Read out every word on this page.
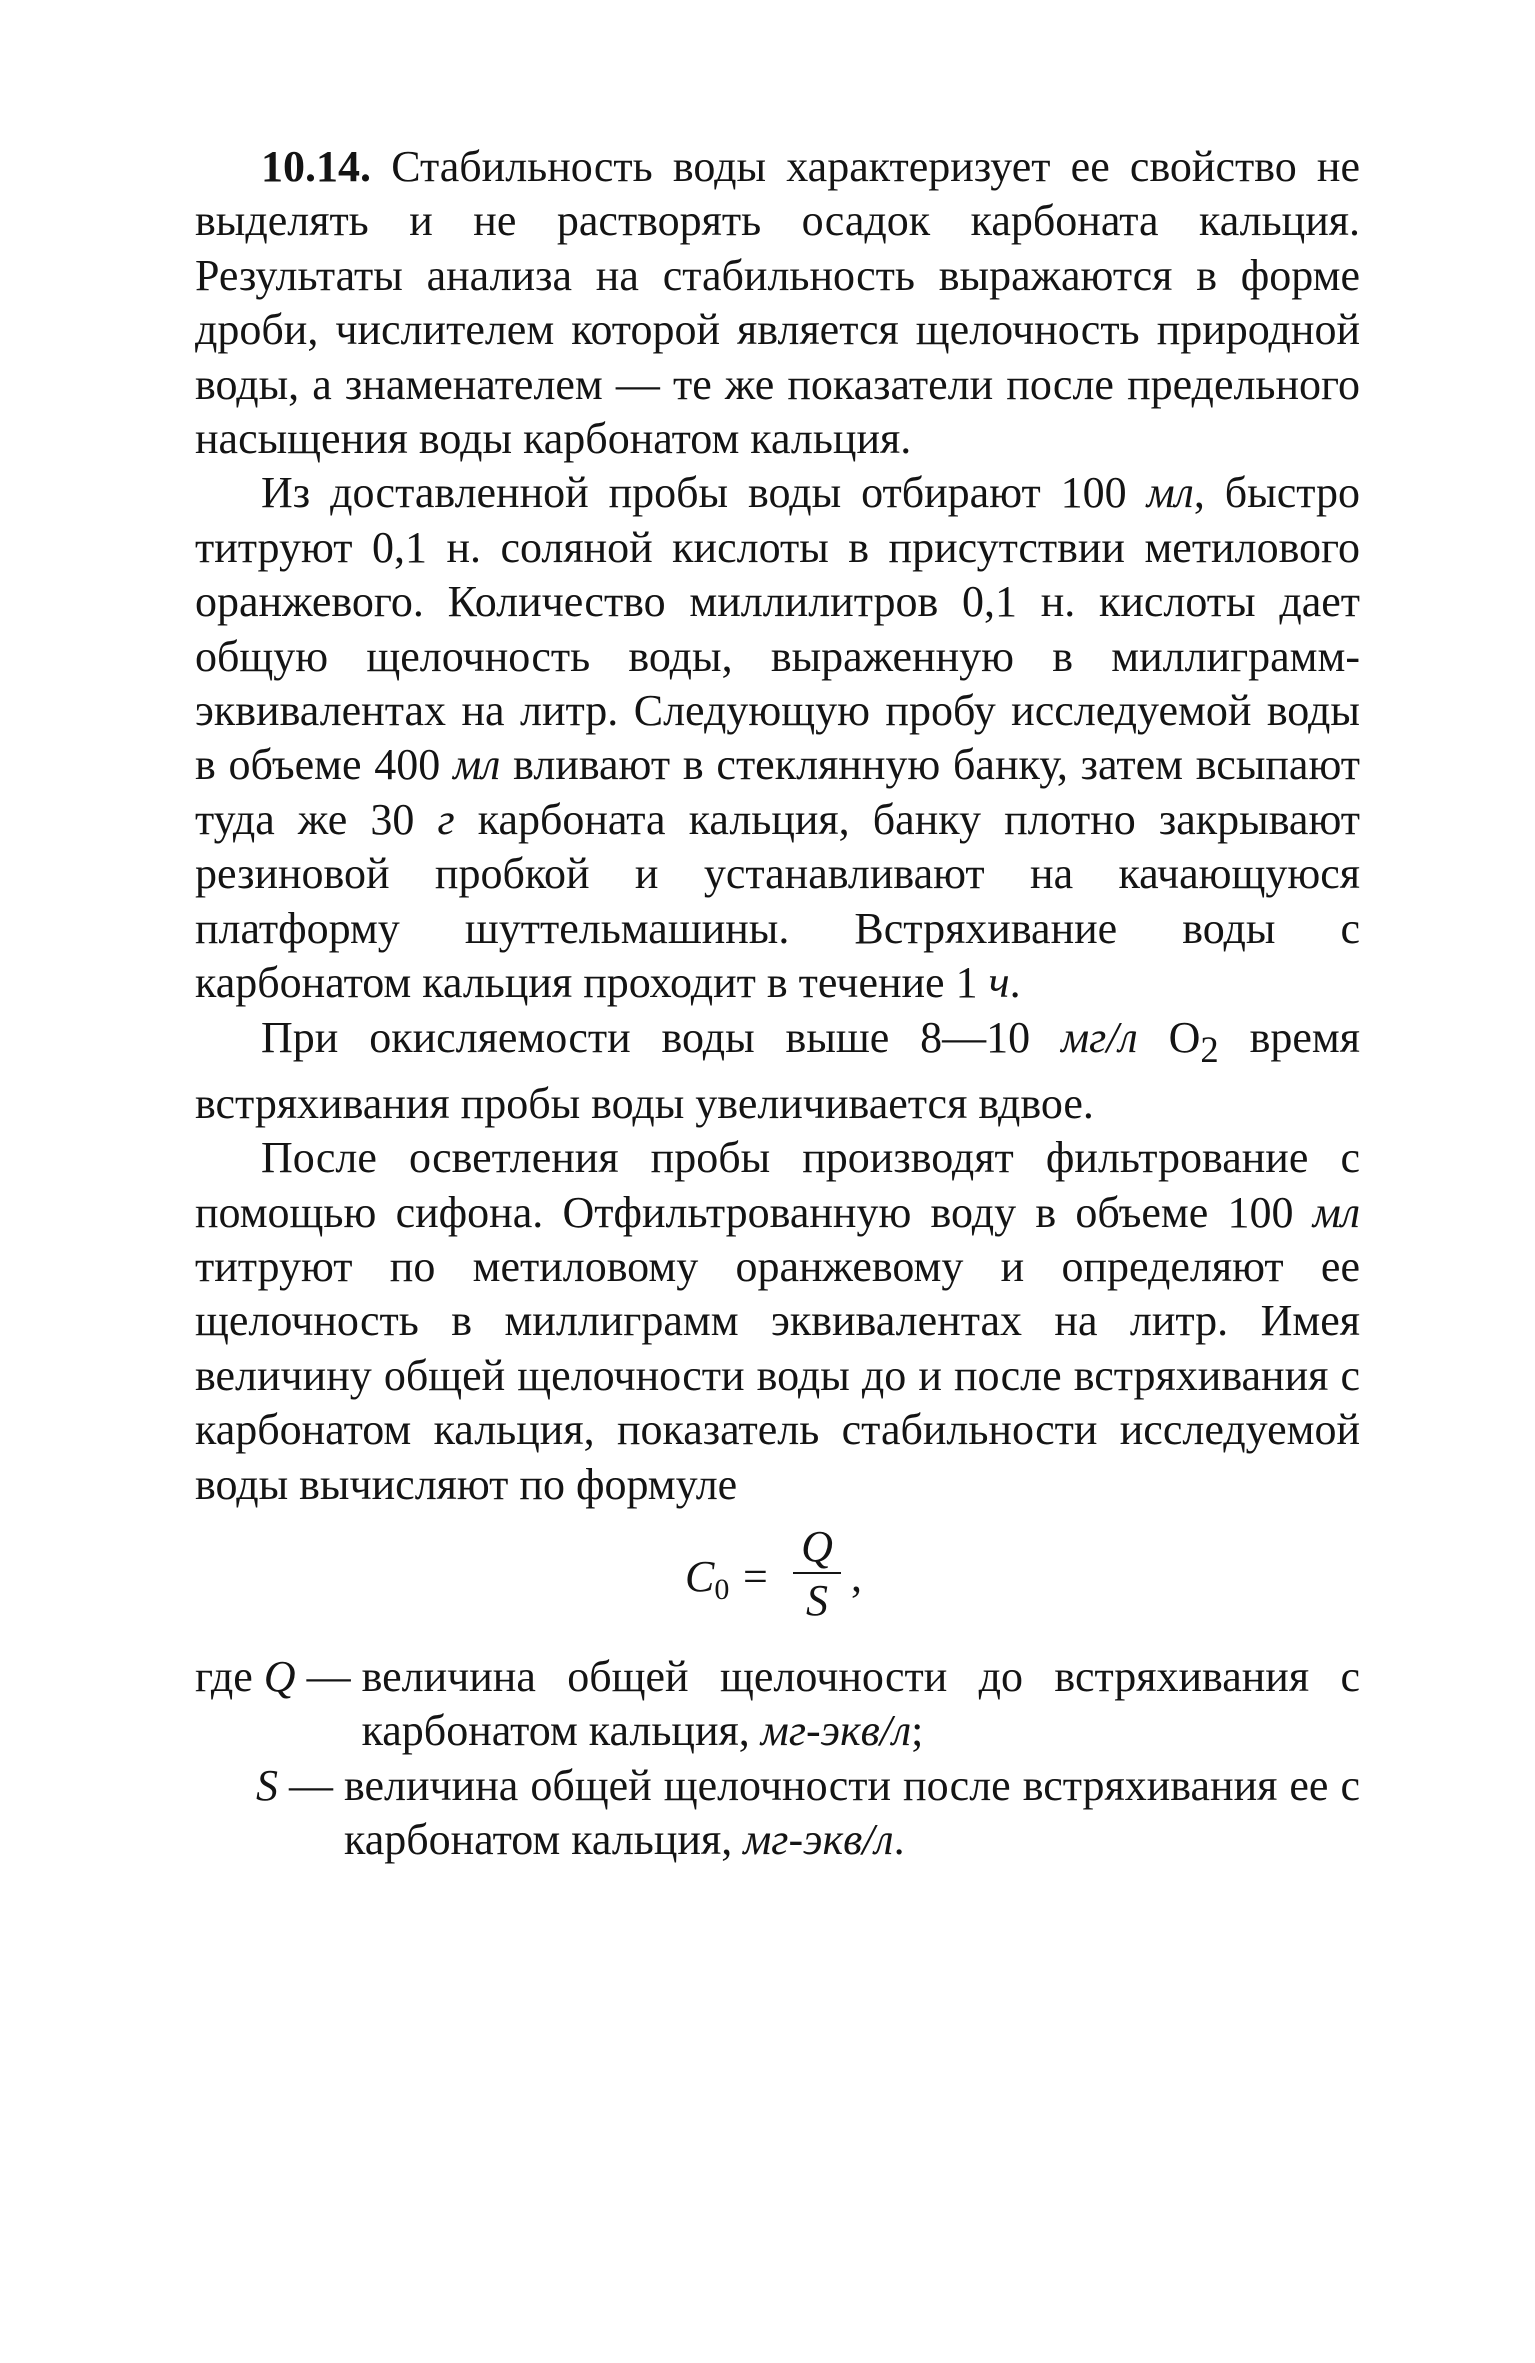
10.14. Стабильность воды характеризует ее свойство не выделять и не растворять осадок карбоната кальция. Результаты анализа на стабильность выражаются в форме дроби, числителем которой является щелочность природной воды, а знаменателем — те же показатели после предельного насыщения воды карбонатом кальция.

Из доставленной пробы воды отбирают 100 мл, быстро титруют 0,1 н. соляной кислоты в присутствии метилового оранжевого. Количество миллилитров 0,1 н. кислоты дает общую щелочность воды, выраженную в миллиграмм-эквивалентах на литр. Следующую пробу исследуемой воды в объеме 400 мл вливают в стеклянную банку, затем всыпают туда же 30 г карбоната кальция, банку плотно закрывают резиновой пробкой и устанавливают на качающуюся платформу шуттельмашины. Встряхивание воды с карбонатом кальция проходит в течение 1 ч.

При окисляемости воды выше 8—10 мг/л $O_2$ время встряхивания пробы воды увеличивается вдвое.

После осветления пробы производят фильтрование с помощью сифона. Отфильтрованную воду в объеме 100 мл титруют по метиловому оранжевому и определяют ее щелочность в миллиграмм эквивалентах на литр. Имея величину общей щелочности воды до и после встряхивания с карбонатом кальция, показатель стабильности исследуемой воды вычисляют по формуле

$C_0$ =
Q
S ,
где Q — величина общей щелочности до встряхивания с карбонатом кальция, мг-экв/л;

S — величина общей щелочности после встряхивания ее с карбонатом кальция, мг-экв/л.
